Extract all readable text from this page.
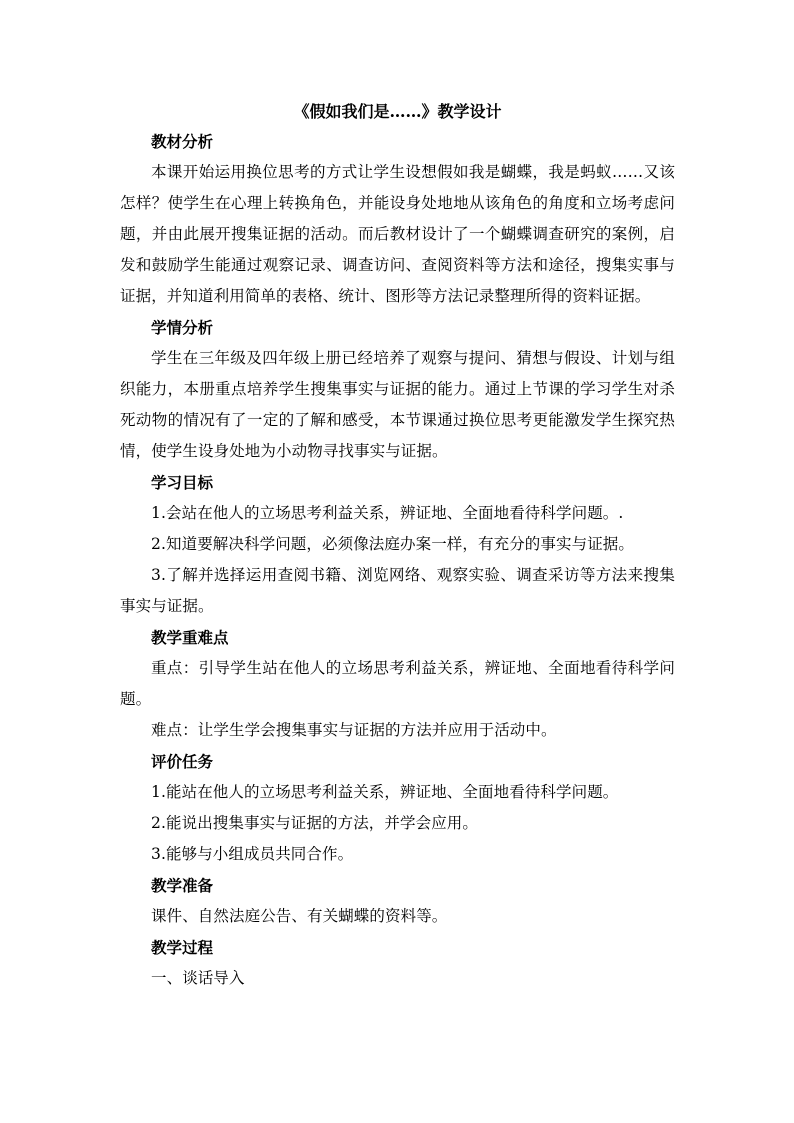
《假如我们是……》教学设计
教材分析

本课开始运用换位思考的方式让学生设想假如我是蝴蝶，我是蚂蚁……又该怎样？使学生在心理上转换角色，并能设身处地地从该角色的角度和立场考虑问题，并由此展开搜集证据的活动。而后教材设计了一个蝴蝶调查研究的案例，启发和鼓励学生能通过观察记录、调查访问、查阅资料等方法和途径，搜集实事与证据，并知道利用简单的表格、统计、图形等方法记录整理所得的资料证据。

学情分析

学生在三年级及四年级上册已经培养了观察与提问、猜想与假设、计划与组织能力，本册重点培养学生搜集事实与证据的能力。通过上节课的学习学生对杀死动物的情况有了一定的了解和感受，本节课通过换位思考更能激发学生探究热情，使学生设身处地为小动物寻找事实与证据。

学习目标

1.会站在他人的立场思考利益关系，辨证地、全面地看待科学问题。.

2.知道要解决科学问题，必须像法庭办案一样，有充分的事实与证据。

3.了解并选择运用查阅书籍、浏览网络、观察实验、调查采访等方法来搜集事实与证据。

教学重难点

重点：引导学生站在他人的立场思考利益关系，辨证地、全面地看待科学问题。

难点：让学生学会搜集事实与证据的方法并应用于活动中。

评价任务

1.能站在他人的立场思考利益关系，辨证地、全面地看待科学问题。

2.能说出搜集事实与证据的方法，并学会应用。

3.能够与小组成员共同合作。

教学准备

课件、自然法庭公告、有关蝴蝶的资料等。

教学过程

一、谈话导入
